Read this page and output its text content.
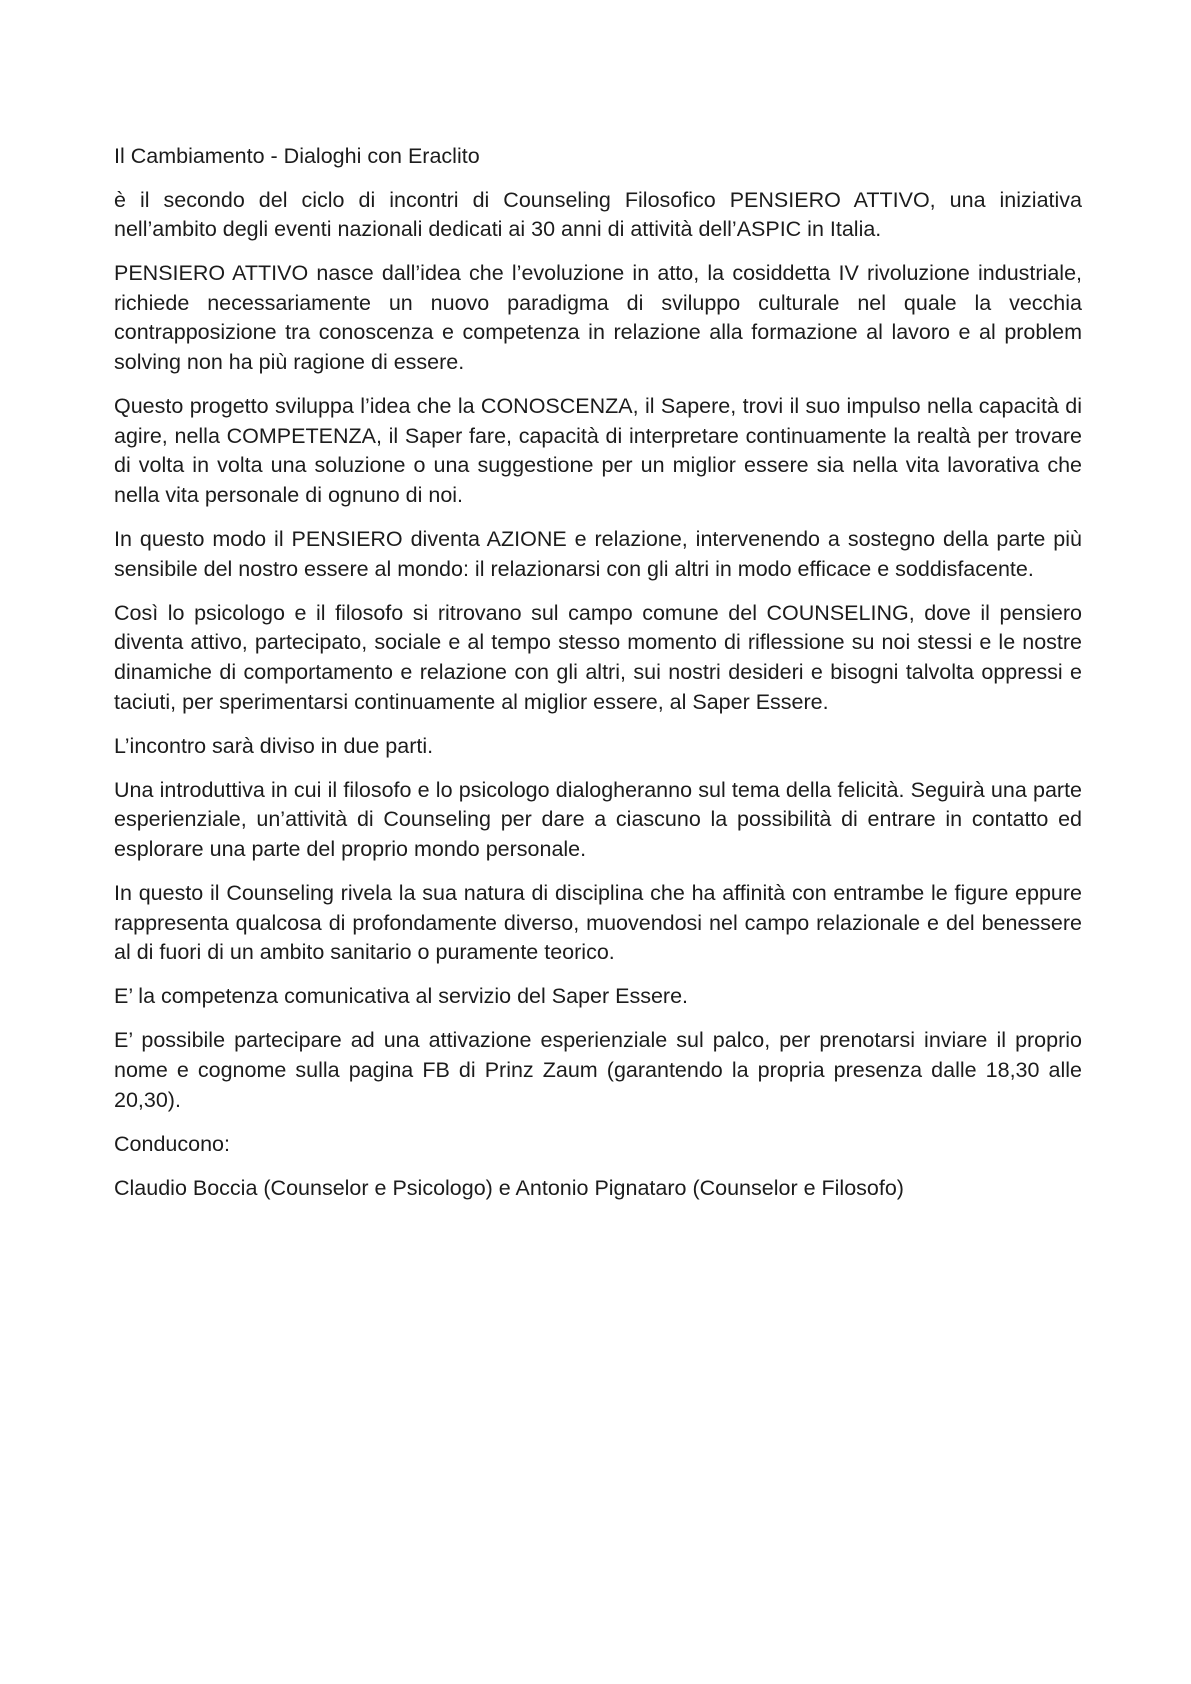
Il Cambiamento - Dialoghi con Eraclito

è il secondo del ciclo di incontri di Counseling Filosofico PENSIERO ATTIVO, una iniziativa nell’ambito degli eventi nazionali dedicati ai 30 anni di attività dell’ASPIC in Italia.

PENSIERO ATTIVO nasce dall’idea che l’evoluzione in atto, la cosiddetta IV rivoluzione industriale, richiede necessariamente un nuovo paradigma di sviluppo culturale nel quale la vecchia contrapposizione tra conoscenza e competenza in relazione alla formazione al lavoro e al problem solving non ha più ragione di essere.

Questo progetto sviluppa l’idea che la CONOSCENZA, il Sapere, trovi il suo impulso nella capacità di agire, nella COMPETENZA, il Saper fare, capacità di interpretare continuamente la realtà per trovare di volta in volta una soluzione o una suggestione per un miglior essere sia nella vita lavorativa che nella vita personale di ognuno di noi.

In questo modo il PENSIERO diventa AZIONE e relazione, intervenendo a sostegno della parte più sensibile del nostro essere al mondo: il relazionarsi con gli altri in modo efficace e soddisfacente.

Così lo psicologo e il filosofo si ritrovano sul campo comune del COUNSELING, dove il pensiero diventa attivo, partecipato, sociale e al tempo stesso momento di riflessione su noi stessi e le nostre dinamiche di comportamento e relazione con gli altri, sui nostri desideri e bisogni talvolta oppressi e taciuti, per sperimentarsi continuamente al miglior essere, al Saper Essere.

L’incontro sarà diviso in due parti.

Una introduttiva in cui il filosofo e lo psicologo dialogheranno sul tema della felicità. Seguirà una parte esperienziale, un’attività di Counseling per dare a ciascuno la possibilità di entrare in contatto ed esplorare una parte del proprio mondo personale.

In questo il Counseling rivela la sua natura di disciplina che ha affinità con entrambe le figure eppure rappresenta qualcosa di profondamente diverso, muovendosi nel campo relazionale e del benessere al di fuori di un ambito sanitario o puramente teorico.

E’ la competenza comunicativa al servizio del Saper Essere.

E’ possibile partecipare ad una attivazione esperienziale sul palco, per prenotarsi inviare il proprio nome e cognome sulla pagina FB di Prinz Zaum (garantendo la propria presenza dalle 18,30 alle 20,30).

Conducono:

Claudio Boccia (Counselor e Psicologo) e Antonio Pignataro (Counselor e Filosofo)
